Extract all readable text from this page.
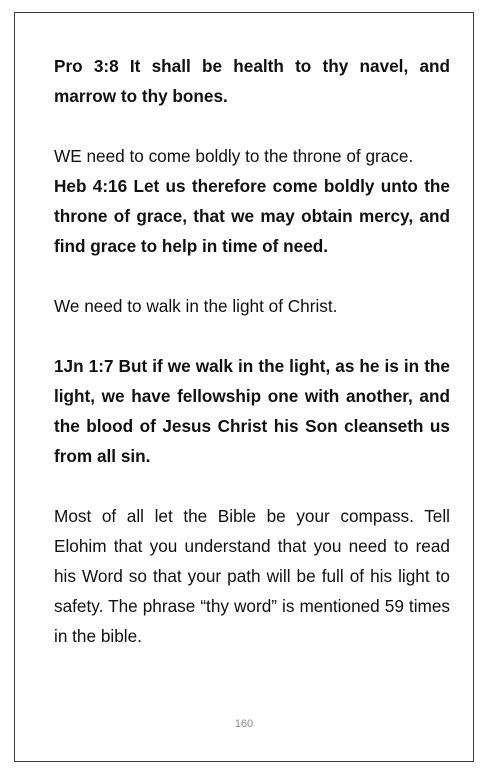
Pro 3:8 It shall be health to thy navel, and marrow to thy bones.

WE need to come boldly to the throne of grace.

Heb 4:16 Let us therefore come boldly unto the throne of grace, that we may obtain mercy, and find grace to help in time of need.

We need to walk in the light of Christ.

1Jn 1:7 But if we walk in the light, as he is in the light, we have fellowship one with another, and the blood of Jesus Christ his Son cleanseth us from all sin.

Most of all let the Bible be your compass. Tell Elohim that you understand that you need to read his Word so that your path will be full of his light to safety. The phrase “thy word” is mentioned 59 times in the bible.

160
